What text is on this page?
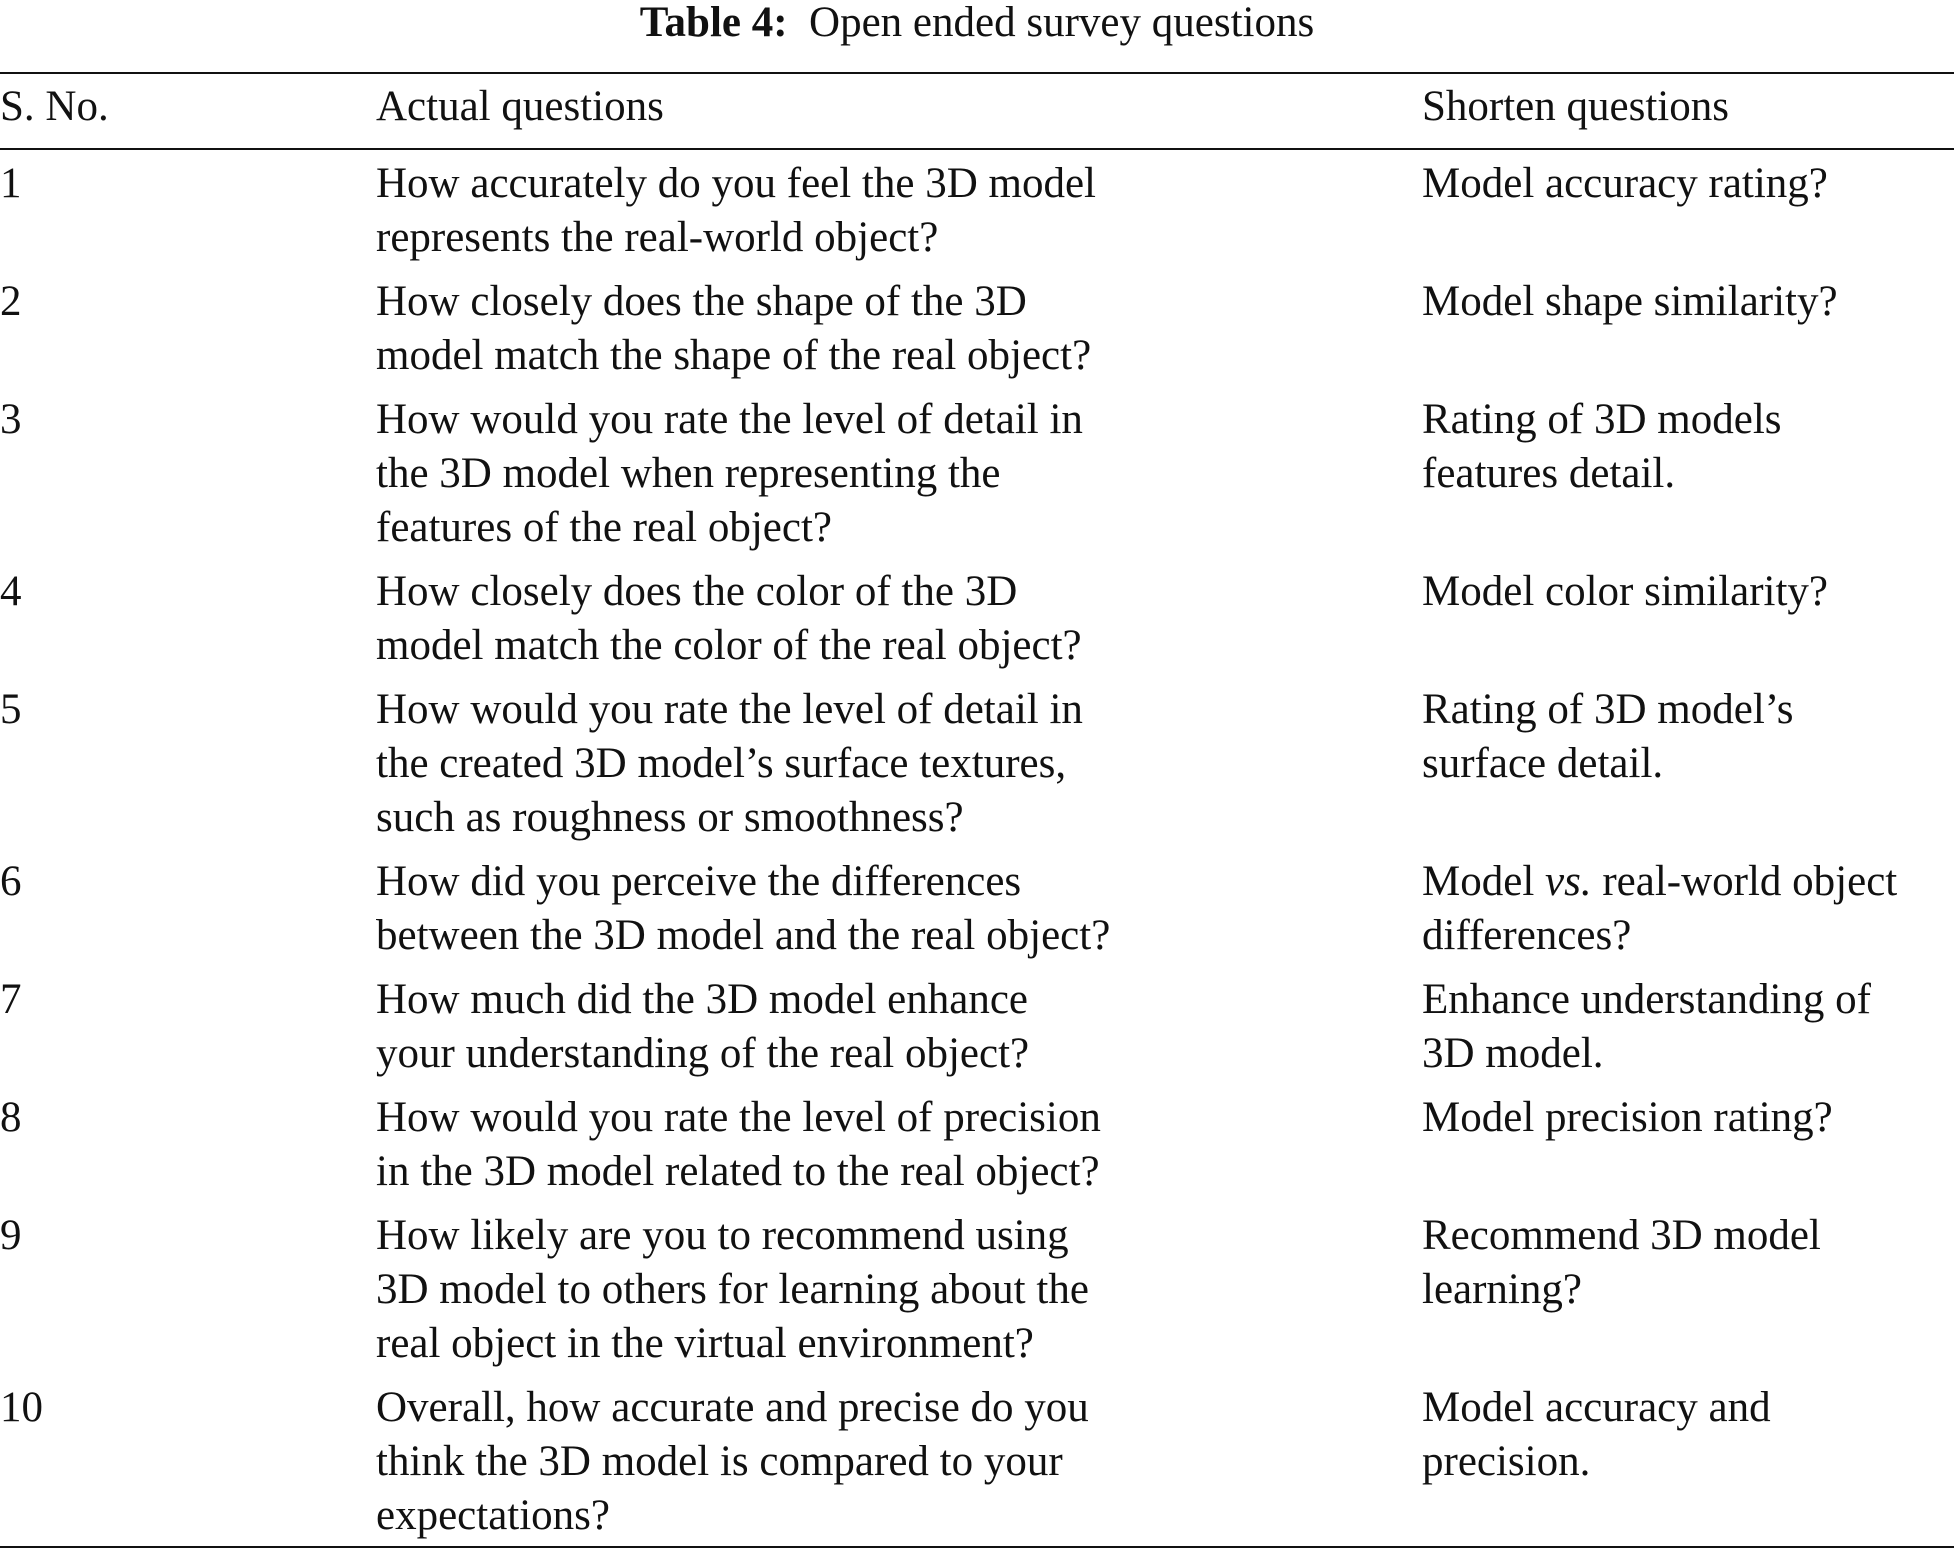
Table 4: Open ended survey questions
S. No.	Actual questions	Shorten questions
1	How accurately do you feel the 3D model
represents the real-world object?	Model accuracy rating?

2	How closely does the shape of the 3D
model match the shape of the real object?	Model shape similarity?

3	How would you rate the level of detail in
the 3D model when representing the
features of the real object?	Rating of 3D models
features detail.

4	How closely does the color of the 3D
model match the color of the real object?	Model color similarity?

5	How would you rate the level of detail in
the created 3D model’s surface textures,
such as roughness or smoothness?	Rating of 3D model’s
surface detail.

6	How did you perceive the differences
between the 3D model and the real object?	Model vs. real-world object
differences?

7	How much did the 3D model enhance
your understanding of the real object?	Enhance understanding of
3D model.

8	How would you rate the level of precision
in the 3D model related to the real object?	Model precision rating?

9	How likely are you to recommend using
3D model to others for learning about the
real object in the virtual environment?	Recommend 3D model
learning?

10	Overall, how accurate and precise do you
think the 3D model is compared to your
expectations?	Model accuracy and
precision.
